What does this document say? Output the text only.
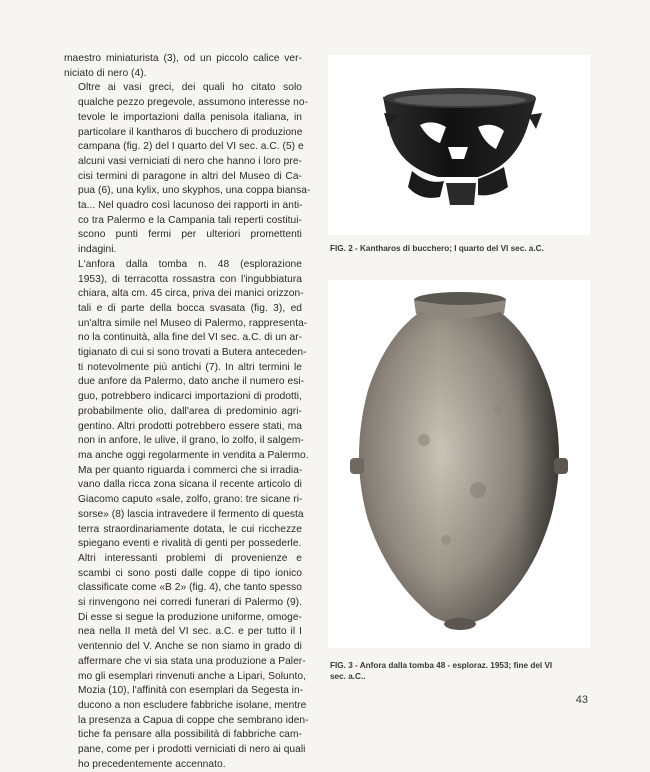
maestro miniaturista (3), od un piccolo calice ver-
niciato di nero (4).

Oltre ai vasi greci, dei quali ho citato solo
qualche pezzo pregevole, assumono interesse no-
tevole le importazioni dalla penisola italiana, in
particolare il kantharos di bucchero di produzione
campana (fig. 2) del I quarto del VI sec. a.C. (5) e
alcuni vasi verniciati di nero che hanno i loro pre-
cisi termini di paragone in altri del Museo di Ca-
pua (6), una kylix, uno skyphos, una coppa biansa-
ta... Nel quadro così lacunoso dei rapporti in anti-
co tra Palermo e la Campania tali reperti costitui-
scono punti fermi per ulteriori promettenti
indagini.

L'anfora dalla tomba n. 48 (esplorazione
1953), di terracotta rossastra con l'ingubbiatura
chiara, alta cm. 45 circa, priva dei manici orizzon-
tali e di parte della bocca svasata (fig. 3), ed
un'altra simile nel Museo di Palermo, rappresenta-
no la continuità, alla fine del VI sec. a.C. di un ar-
tigianato di cui si sono trovati a Butera anteceden-
ti notevolmente più antichi (7). In altri termini le
due anfore da Palermo, dato anche il numero esi-
guo, potrebbero indicarci importazioni di prodotti,
probabilmente olio, dall'area di predominio agri-
gentino. Altri prodotti potrebbero essere stati, ma
non in anfore, le ulive, il grano, lo zolfo, il salgem-
ma anche oggi regolarmente in vendita a Palermo.
Ma per quanto riguarda i commerci che si irradia-
vano dalla ricca zona sicana il recente articolo di
Giacomo caputo «sale, zolfo, grano: tre sicane ri-
sorse» (8) lascia intravedere il fermento di questa
terra straordinariamente dotata, le cui ricchezze
spiegano eventi e rivalità di genti per possederle.

Altri interessanti problemi di provenienze e
scambi ci sono posti dalle coppe di tipo ionico
classificate come «B 2» (fig. 4), che tanto spesso
si rinvengono nei corredi funerari di Palermo (9).
Di esse si segue la produzione uniforme, omoge-
nea nella II metà del VI sec. a.C. e per tutto il I
ventennio del V. Anche se non siamo in grado di
affermare che vi sia stata una produzione a Paler-
mo gli esemplari rinvenuti anche a Lipari, Solunto,
Mozia (10), l'affinità con esemplari da Segesta in-
ducono a non escludere fabbriche isolane, mentre
la presenza a Capua di coppe che sembrano iden-
tiche fa pensare alla possibilità di fabbriche cam-
pane, come per i prodotti verniciati di nero ai quali
ho precedentemente accennato.

FIG. 2 - Kantharos di bucchero; I quarto del VI sec. a.C.
FIG. 3 - Anfora dalla tomba 48 - esploraz. 1953; fine del VI
sec. a.C..
43
